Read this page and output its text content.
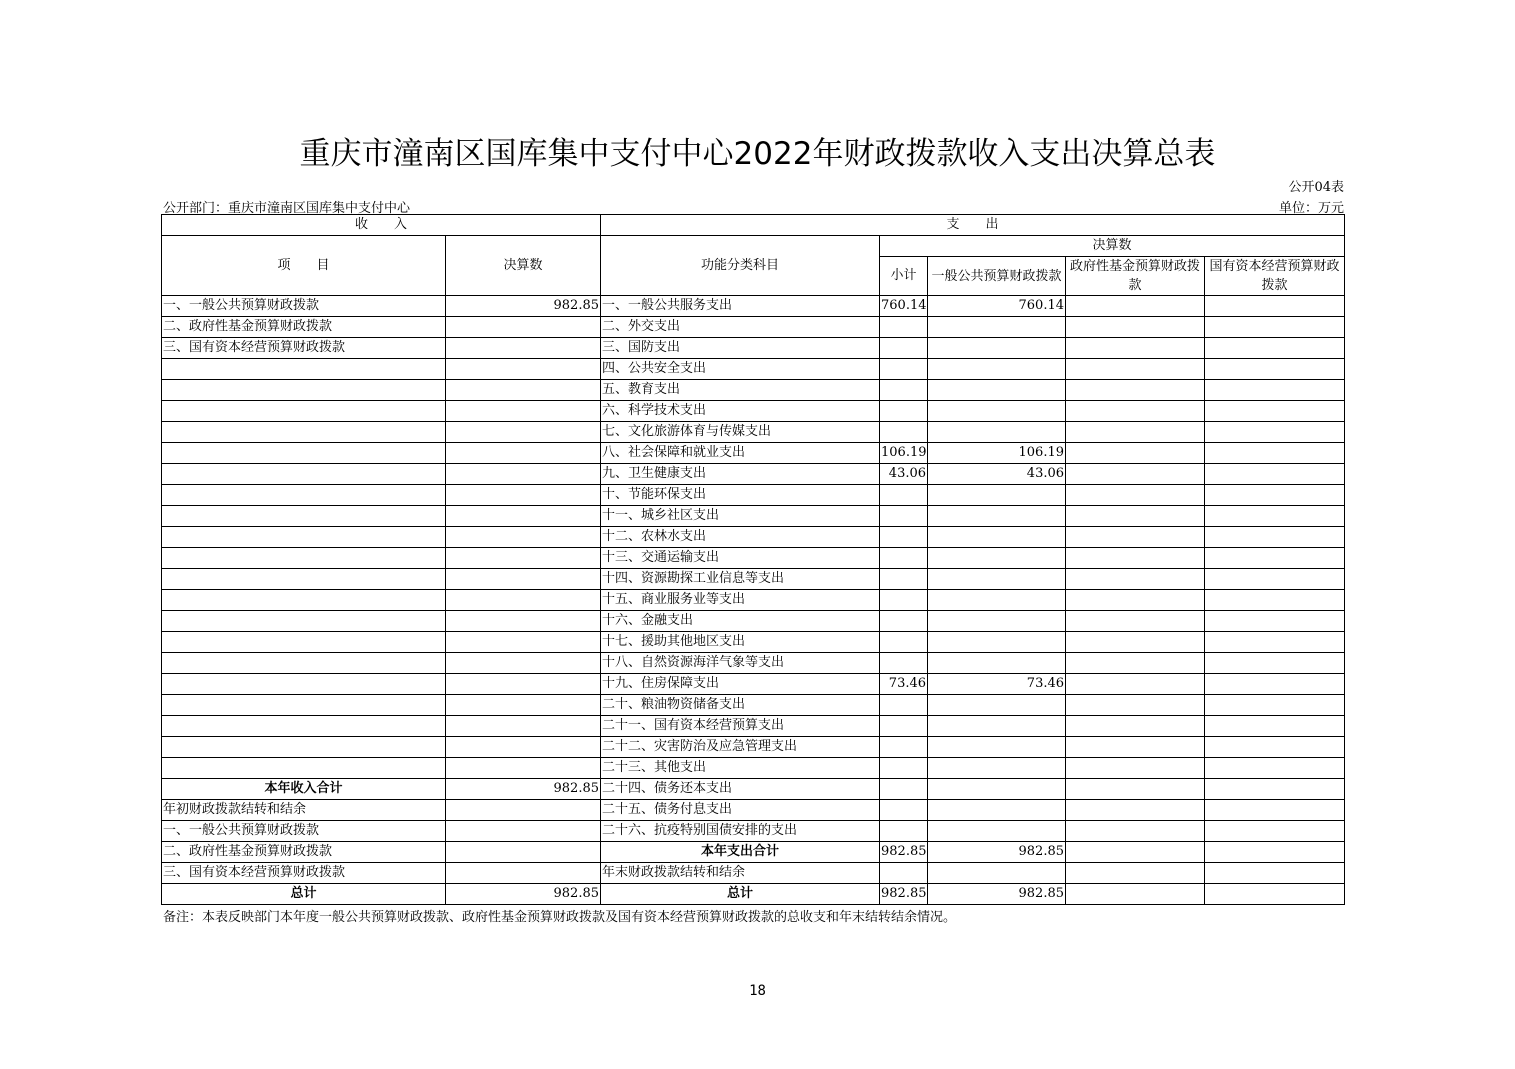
重庆市潼南区国库集中支付中心2022年财政拨款收入支出决算总表
公开04表
公开部门：重庆市潼南区国库集中支付中心	单位：万元
收　　入		支　　出				
项　　目	决算数	功能分类科目	决算数			
			小计	一般公共预算财政拨款	政府性基金预算财政拨款	国有资本经营预算财政拨款
一、一般公共预算财政拨款	982.85	一、一般公共服务支出	760.14	760.14		
二、政府性基金预算财政拨款		二、外交支出				
三、国有资本经营预算财政拨款		三、国防支出				
		四、公共安全支出				
		五、教育支出				
		六、科学技术支出				
		七、文化旅游体育与传媒支出				
		八、社会保障和就业支出	106.19	106.19		
		九、卫生健康支出	43.06	43.06		
		十、节能环保支出				
		十一、城乡社区支出				
		十二、农林水支出				
		十三、交通运输支出				
		十四、资源勘探工业信息等支出				
		十五、商业服务业等支出				
		十六、金融支出				
		十七、援助其他地区支出				
		十八、自然资源海洋气象等支出				
		十九、住房保障支出	73.46	73.46		
		二十、粮油物资储备支出				
		二十一、国有资本经营预算支出				
		二十二、灾害防治及应急管理支出				
		二十三、其他支出				
本年收入合计	982.85	二十四、债务还本支出				
年初财政拨款结转和结余		二十五、债务付息支出				
一、一般公共预算财政拨款		二十六、抗疫特别国债安排的支出				
二、政府性基金预算财政拨款		本年支出合计	982.85	982.85		
三、国有资本经营预算财政拨款		年末财政拨款结转和结余				
总计	982.85	总计	982.85	982.85		
备注：本表反映部门本年度一般公共预算财政拨款、政府性基金预算财政拨款及国有资本经营预算财政拨款的总收支和年末结转结余情况。
18
